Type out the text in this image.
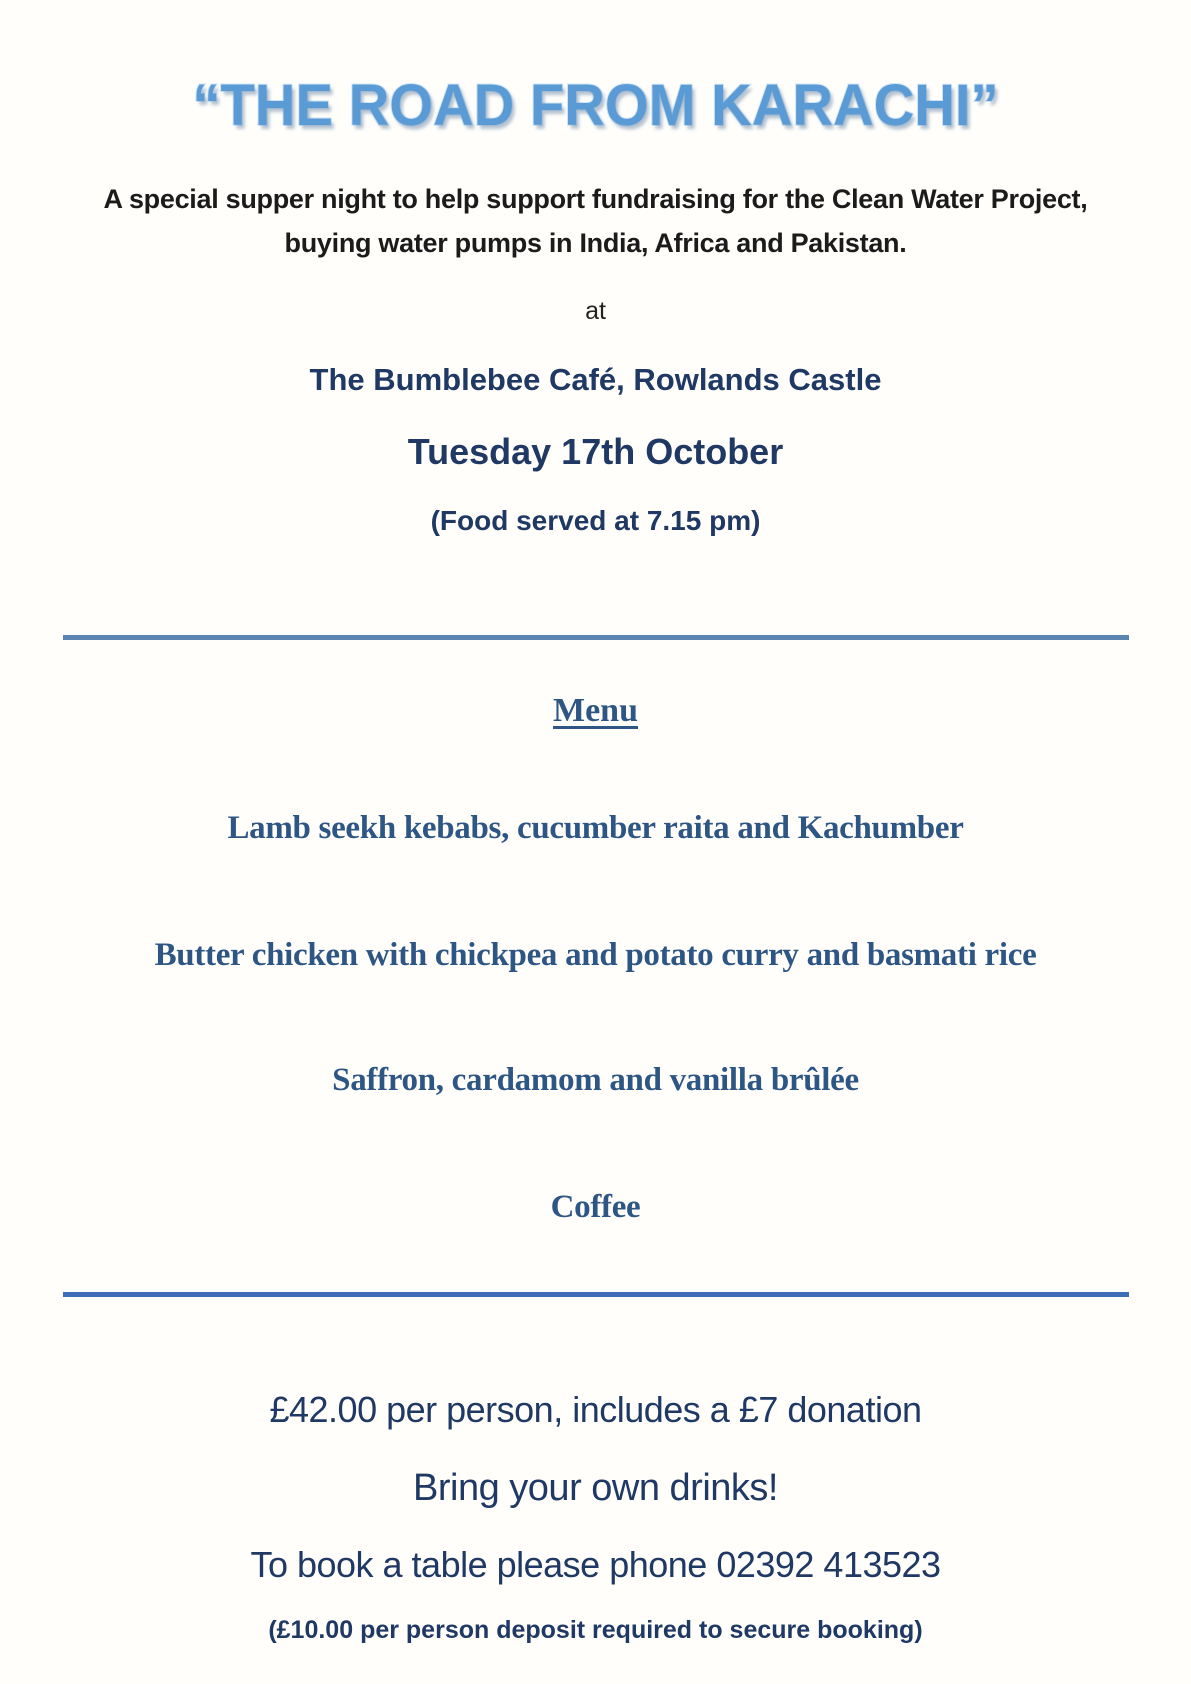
“THE ROAD FROM KARACHI”
A special supper night to help support fundraising for the Clean Water Project,
buying water pumps in India, Africa and Pakistan.
at
The Bumblebee Café, Rowlands Castle
Tuesday 17th October
(Food served at 7.15 pm)
Menu
Lamb seekh kebabs, cucumber raita and Kachumber
Butter chicken with chickpea and potato curry and basmati rice
Saffron, cardamom and vanilla brûlée
Coffee
£42.00 per person, includes a £7 donation
Bring your own drinks!
To book a table please phone 02392 413523
(£10.00 per person deposit required to secure booking)
